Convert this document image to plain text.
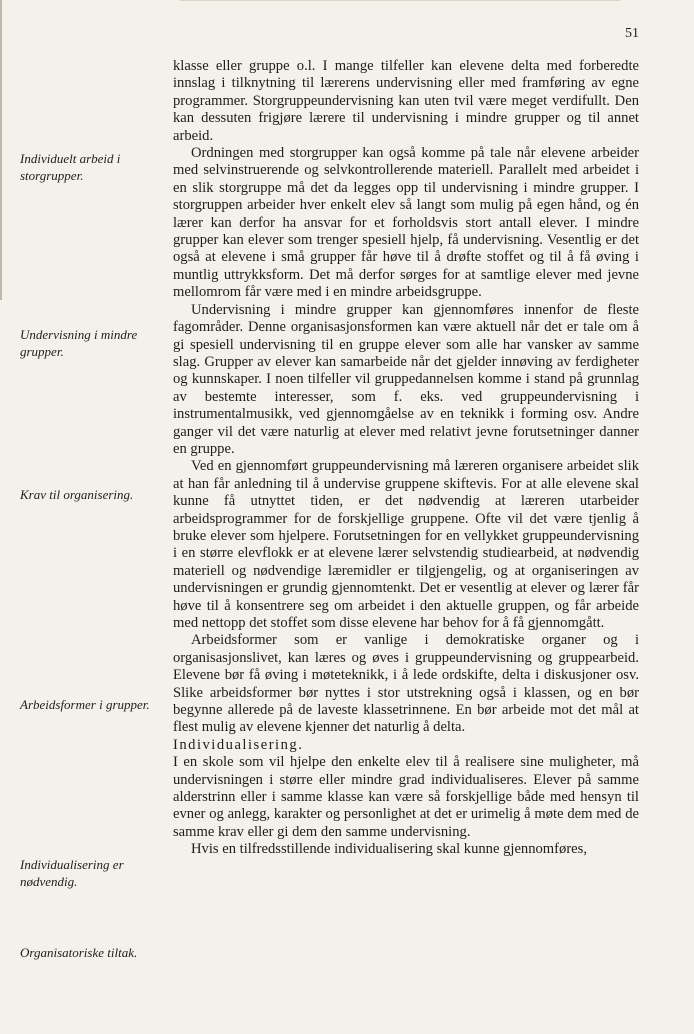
51
Individuelt arbeid i storgrupper.
Undervisning i mindre grupper.
Krav til organisering.
Arbeidsformer i grupper.
Individualisering er nødvendig.
Organisatoriske tiltak.

klasse eller gruppe o.l. I mange tilfeller kan elevene delta med forberedte innslag i tilknytning til lærerens undervisning eller med framføring av egne programmer. Storgruppeundervisning kan uten tvil være meget verdifullt. Den kan dessuten frigjøre lærere til undervisning i mindre grupper og til annet arbeid.

Ordningen med storgrupper kan også komme på tale når elevene arbeider med selvinstruerende og selvkontrollerende materiell. Parallelt med arbeidet i en slik storgruppe må det da legges opp til undervisning i mindre grupper. I storgruppen arbeider hver enkelt elev så langt som mulig på egen hånd, og én lærer kan derfor ha ansvar for et forholdsvis stort antall elever. I mindre grupper kan elever som trenger spesiell hjelp, få undervisning. Vesentlig er det også at elevene i små grupper får høve til å drøfte stoffet og til å få øving i muntlig uttrykksform. Det må derfor sørges for at samtlige elever med jevne mellomrom får være med i en mindre arbeidsgruppe.

Undervisning i mindre grupper kan gjennomføres innenfor de fleste fagområder. Denne organisasjonsformen kan være aktuell når det er tale om å gi spesiell undervisning til en gruppe elever som alle har vansker av samme slag. Grupper av elever kan samarbeide når det gjelder innøving av ferdigheter og kunnskaper. I noen tilfeller vil gruppedannelsen komme i stand på grunnlag av bestemte interesser, som f. eks. ved gruppeundervisning i instrumentalmusikk, ved gjennomgåelse av en teknikk i forming osv. Andre ganger vil det være naturlig at elever med relativt jevne forutsetninger danner en gruppe.

Ved en gjennomført gruppeundervisning må læreren organisere arbeidet slik at han får anledning til å undervise gruppene skiftevis. For at alle elevene skal kunne få utnyttet tiden, er det nødvendig at læreren utarbeider arbeidsprogrammer for de forskjellige gruppene. Ofte vil det være tjenlig å bruke elever som hjelpere. Forutsetningen for en vellykket gruppeundervisning i en større elevflokk er at elevene lærer selvstendig studiearbeid, at nødvendig materiell og nødvendige læremidler er tilgjengelig, og at organiseringen av undervisningen er grundig gjennomtenkt. Det er vesentlig at elever og lærer får høve til å konsentrere seg om arbeidet i den aktuelle gruppen, og får arbeide med nettopp det stoffet som disse elevene har behov for å få gjennomgått.

Arbeidsformer som er vanlige i demokratiske organer og i organisasjonslivet, kan læres og øves i gruppeundervisning og gruppearbeid. Elevene bør få øving i møteteknikk, i å lede ordskifte, delta i diskusjoner osv. Slike arbeidsformer bør nyttes i stor utstrekning også i klassen, og en bør begynne allerede på de laveste klassetrinnene. En bør arbeide mot det mål at flest mulig av elevene kjenner det naturlig å delta.

Individualisering.

I en skole som vil hjelpe den enkelte elev til å realisere sine muligheter, må undervisningen i større eller mindre grad individualiseres. Elever på samme alderstrinn eller i samme klasse kan være så forskjellige både med hensyn til evner og anlegg, karakter og personlighet at det er urimelig å møte dem med de samme krav eller gi dem den samme undervisning.

Hvis en tilfredsstillende individualisering skal kunne gjennomføres,
